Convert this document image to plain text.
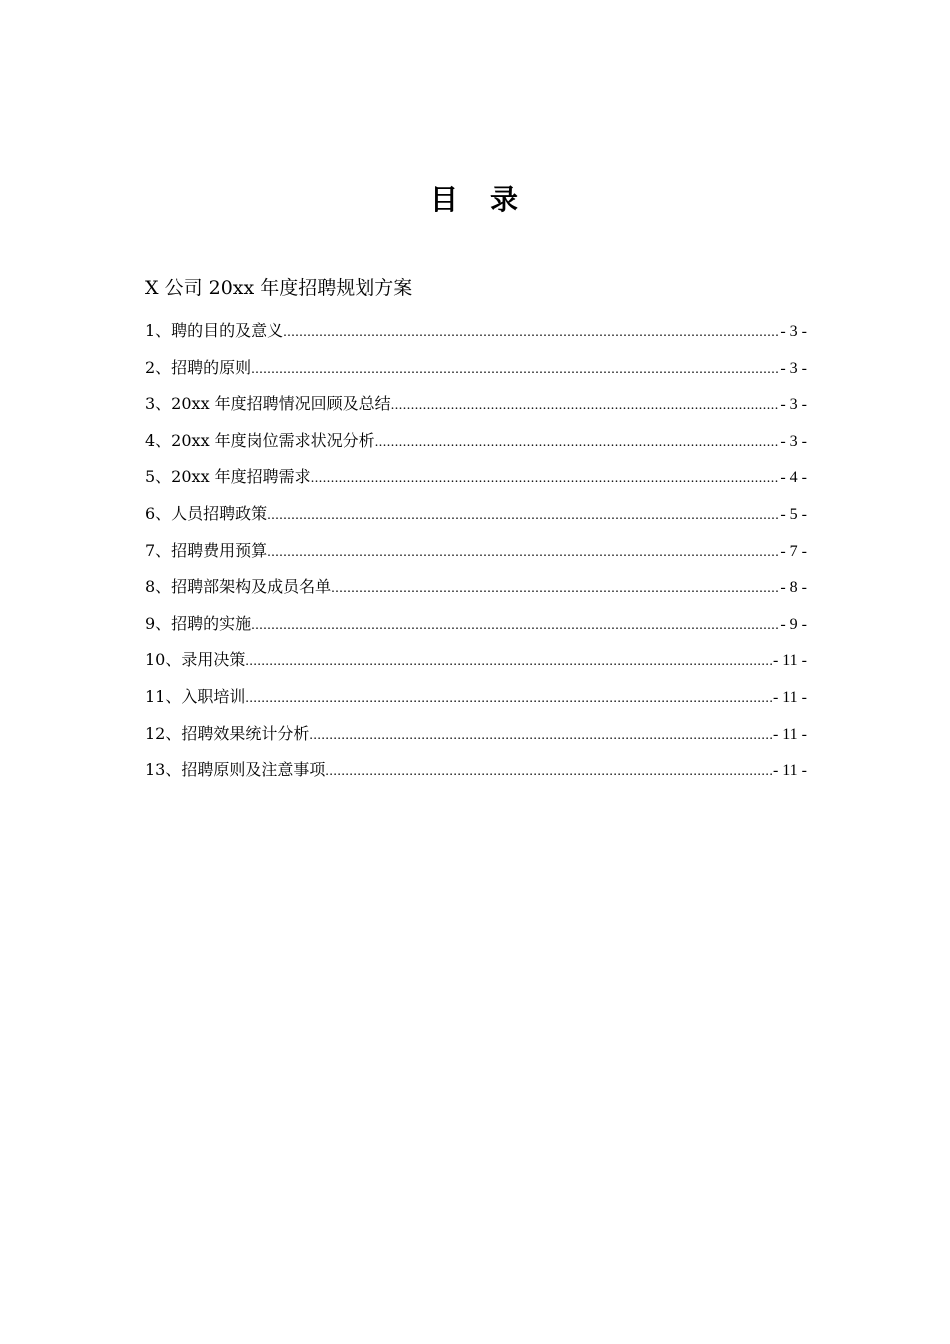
目　录
X 公司 20xx 年度招聘规划方案
1、聘的目的及意义 .....	- 3 -
2、招聘的原则 .....	- 3 -
3、20xx 年度招聘情况回顾及总结 .....	- 3 -
4、20xx 年度岗位需求状况分析 .....	- 3 -
5、20xx 年度招聘需求 .....	- 4 -
6、人员招聘政策 .....	- 5 -
7、招聘费用预算 .....	- 7 -
8、招聘部架构及成员名单 .....	- 8 -
9、招聘的实施 .....	- 9 -
10、录用决策 .....	- 11 -
11、入职培训 .....	- 11 -
12、招聘效果统计分析 .....	- 11 -
13、招聘原则及注意事项 .....	- 11 -
